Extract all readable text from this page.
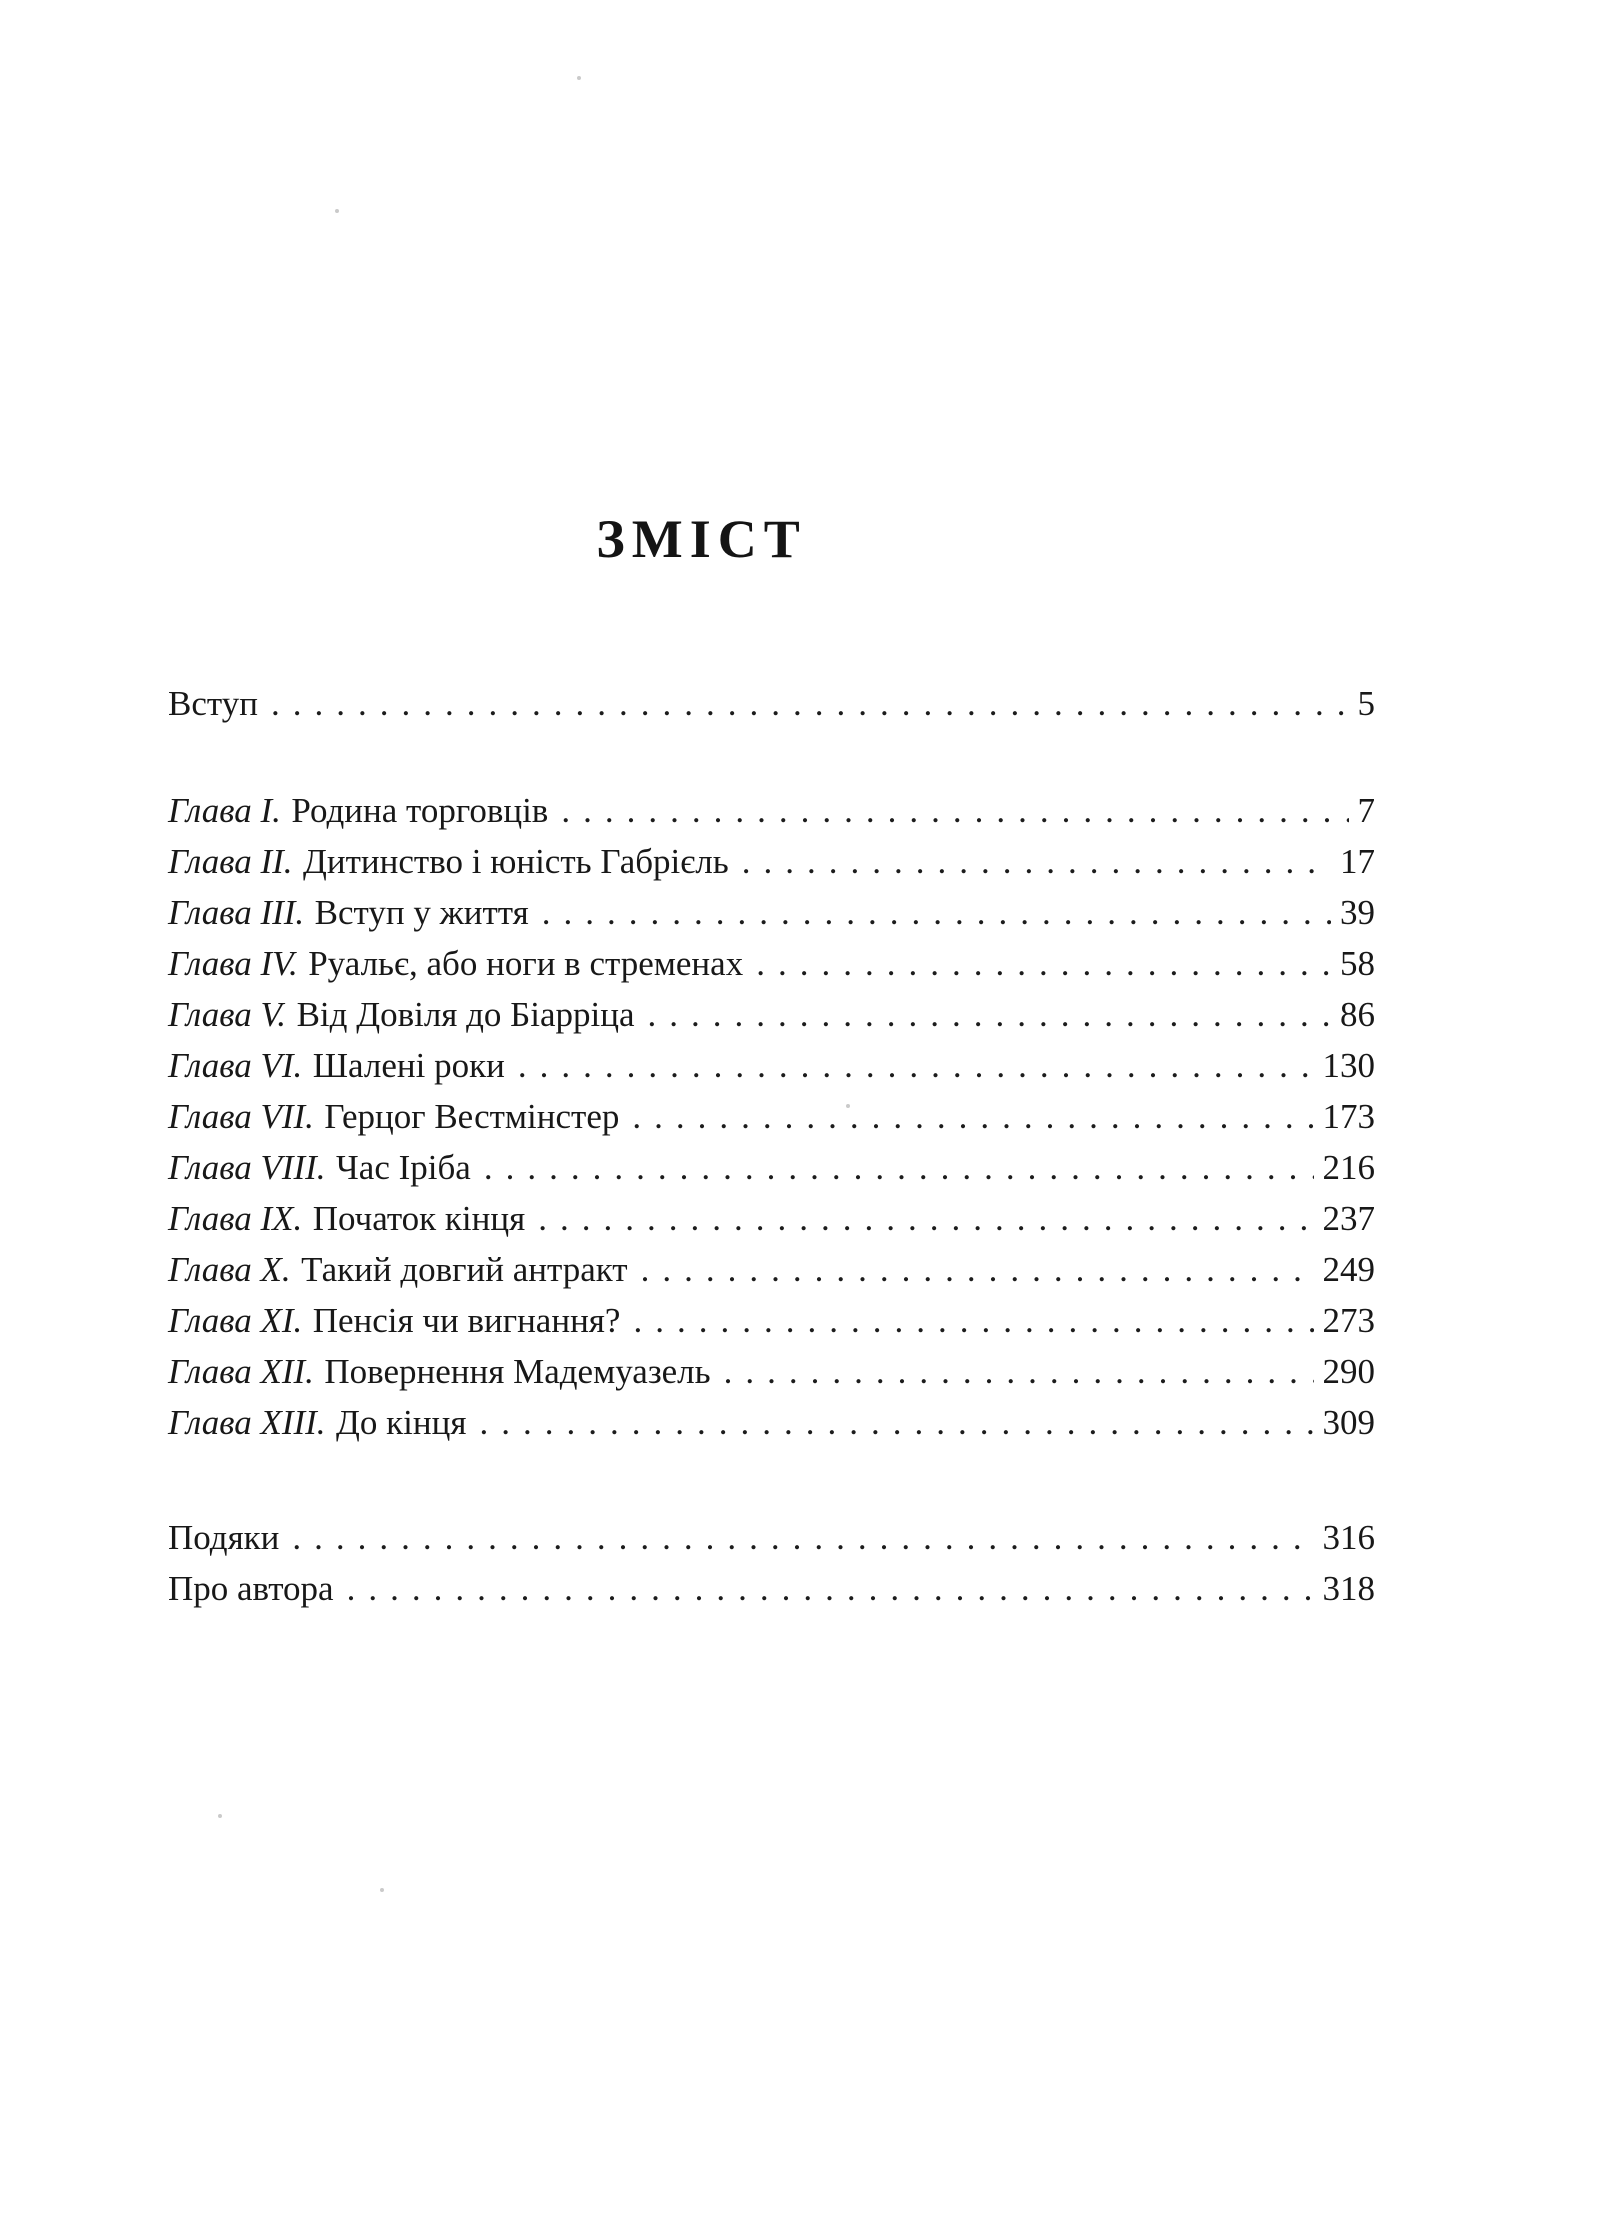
ЗМІСТ
Вступ .....	5
Глава I. Родина торговців .....	7
Глава II. Дитинство і юність Габрієль .....	17
Глава III. Вступ у життя .....	39
Глава IV. Руальє, або ноги в стременах .....	58
Глава V. Від Довіля до Біарріца .....	86
Глава VI. Шалені роки .....	130
Глава VII. Герцог Вестмінстер .....	173
Глава VIII. Час Іріба .....	216
Глава IX. Початок кінця .....	237
Глава X. Такий довгий антракт .....	249
Глава XI. Пенсія чи вигнання? .....	273
Глава XII. Повернення Мадемуазель .....	290
Глава XIII. До кінця .....	309
Подяки .....	316
Про автора .....	318
